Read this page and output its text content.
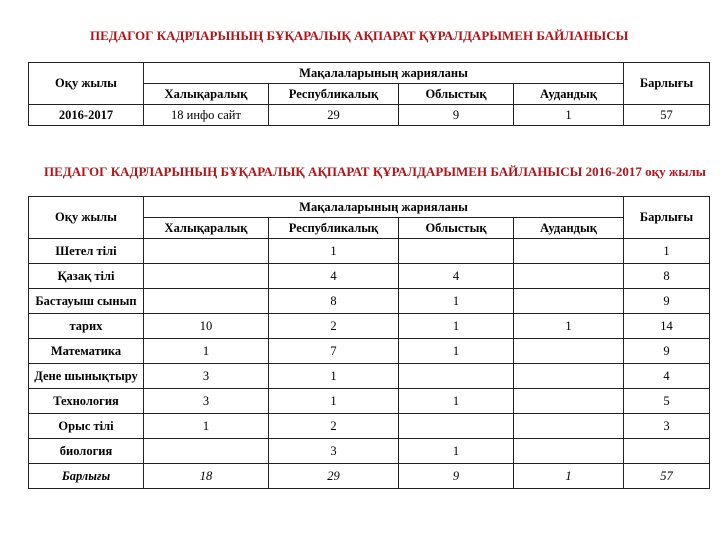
ПЕДАГОГ КАДРЛАРЫНЫҢ БҰҚАРАЛЫҚ АҚПАРАТ ҚҰРАЛДАРЫМЕН БАЙЛАНЫСЫ
Оқу жылы	Мақалаларының жарияланы				Барлығы
	Халықаралық	Республикалық	Облыстық	Аудандық	
2016-2017	18 инфо сайт	29	9	1	57
ПЕДАГОГ КАДРЛАРЫНЫҢ БҰҚАРАЛЫҚ АҚПАРАТ ҚҰРАЛДАРЫМЕН БАЙЛАНЫСЫ 2016-2017 оқу жылы
Оқу жылы	Мақалаларының жарияланы				Барлығы
	Халықаралық	Республикалық	Облыстық	Аудандық	
Шетел тілі		1			1
Қазақ тілі		4	4		8
Бастауыш сынып		8	1		9
тарих	10	2	1	1	14
Математика	1	7	1		9
Дене шынықтыру	3	1			4
Технология	3	1	1		5
Орыс тілі	1	2			3
биология		3	1		
Барлығы	18	29	9	1	57
